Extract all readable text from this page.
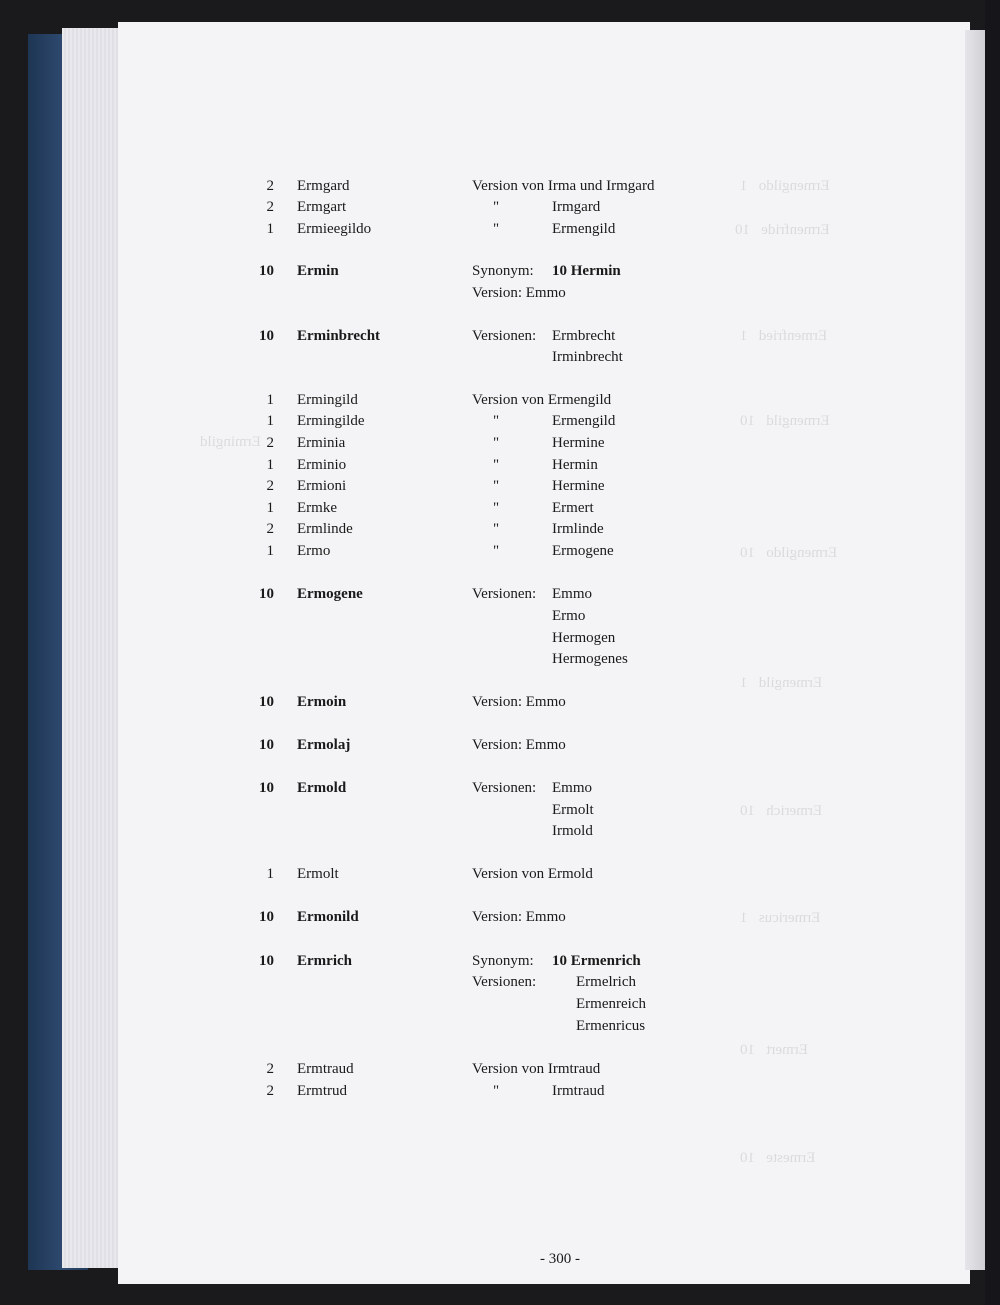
Ermengildo   1
Ermenfride   10
Ermenfried   1
Ermengild   10
Ermingild
Ermengildo   10
Ermengild   1
Ermerich   10
Ermericus   1
Ermert   10
Ermeste   10
2 Ermgard	Version von Irma und Irmgard
2 Ermgart	"	Irmgard
1 Ermieegildo	"	Ermengild
10 Ermin	Synonym: 10 Hermin
Version: Emmo
10 Erminbrecht	Versionen: Ermbrecht
Irminbrecht
1 Ermingild	Version von Ermengild
1 Ermingilde	"	Ermengild
2 Erminia	"	Hermine
1 Erminio	"	Hermin
2 Ermioni	"	Hermine
1 Ermke	"	Ermert
2 Ermlinde	"	Irmlinde
1 Ermo	"	Ermogene
10 Ermogene	Versionen: Emmo
Ermo
Hermogen
Hermogenes
10 Ermoin	Version: Emmo
10 Ermolaj	Version: Emmo
10 Ermold	Versionen: Emmo
Ermolt
Irmold
1 Ermolt	Version von Ermold
10 Ermonild	Version: Emmo
10 Ermrich	Synonym: 10 Ermenrich
Versionen:	Ermelrich
Ermenreich
Ermenricus
2 Ermtraud	Version von Irmtraud
2 Ermtrud	"	Irmtraud
- 300 -
